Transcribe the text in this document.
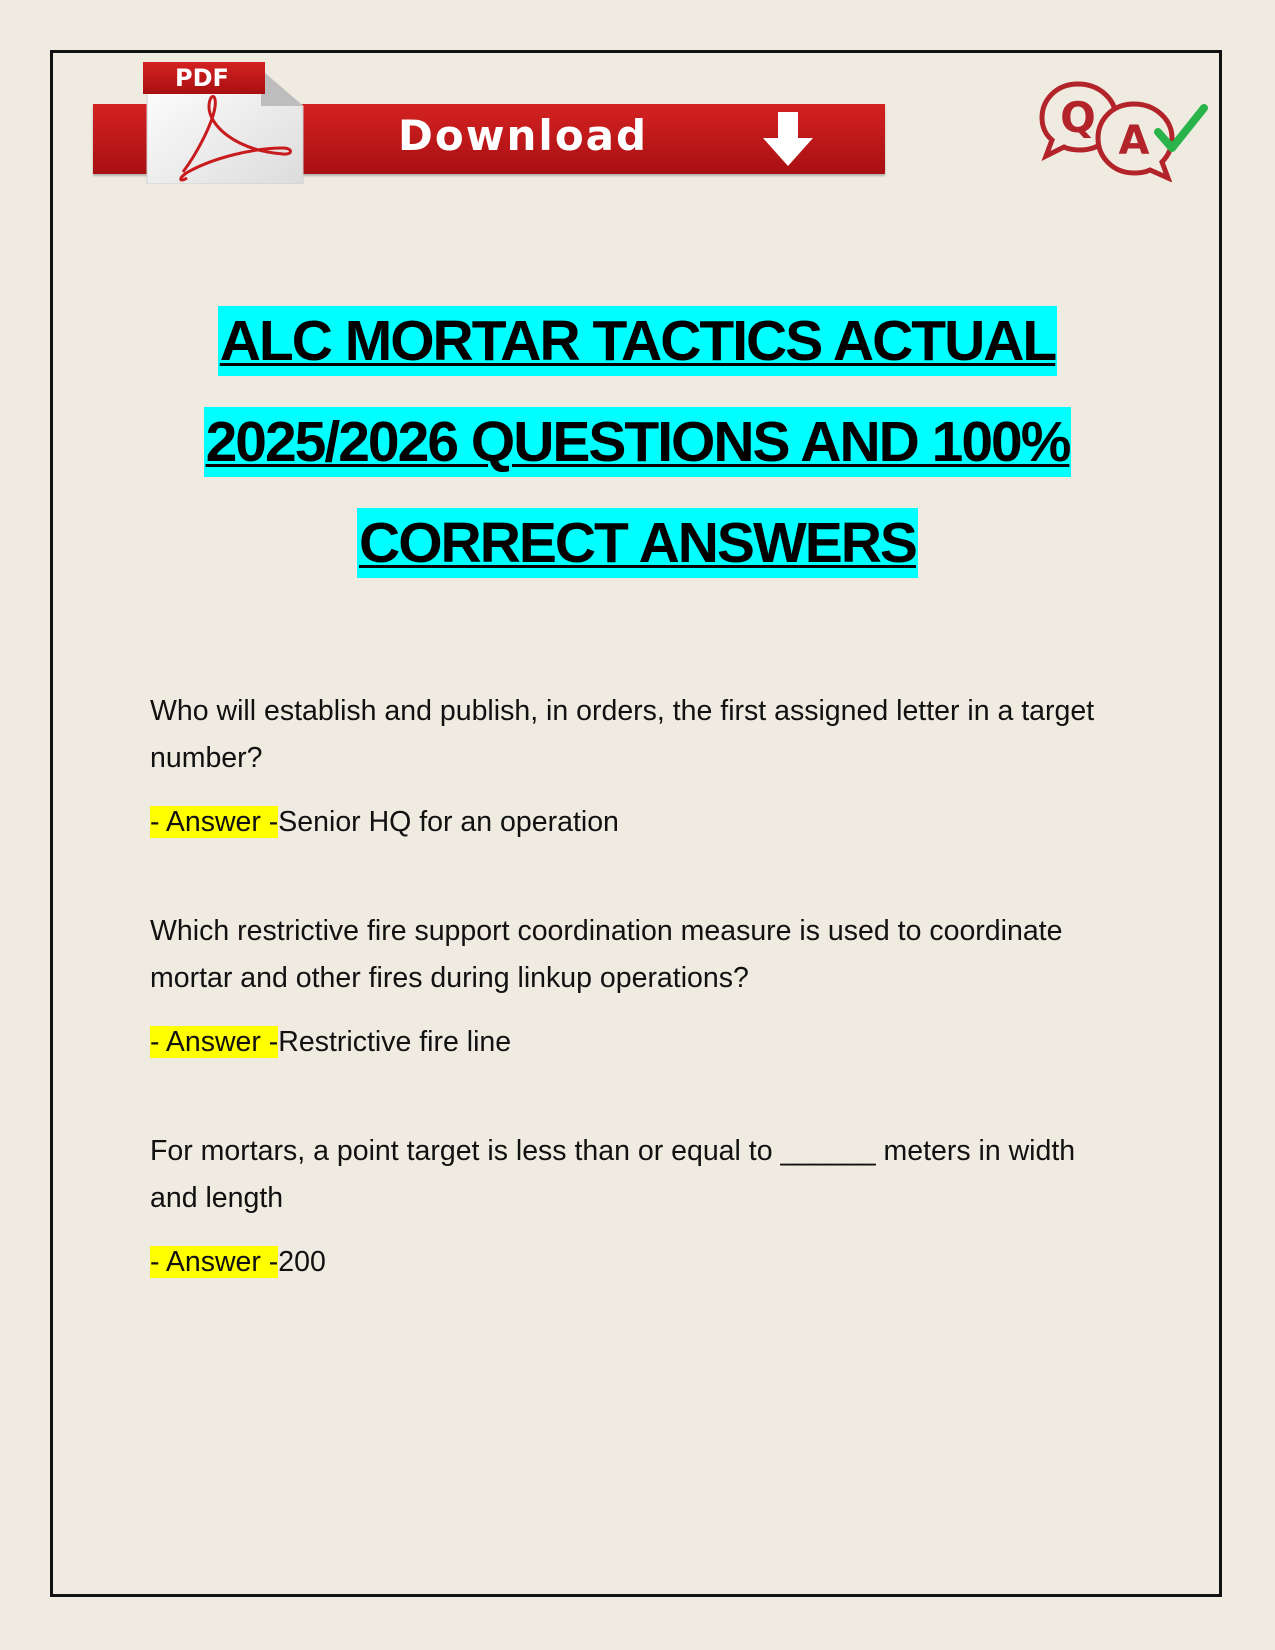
PDF
Download	Q A
ALC MORTAR TACTICS ACTUAL
2025/2026 QUESTIONS AND 100%
CORRECT ANSWERS

Who will establish and publish, in orders, the first assigned letter in a target number?

- Answer -Senior HQ for an operation

Which restrictive fire support coordination measure is used to coordinate mortar and other fires during linkup operations?

- Answer -Restrictive fire line

For mortars, a point target is less than or equal to ______ meters in width and length

- Answer -200
